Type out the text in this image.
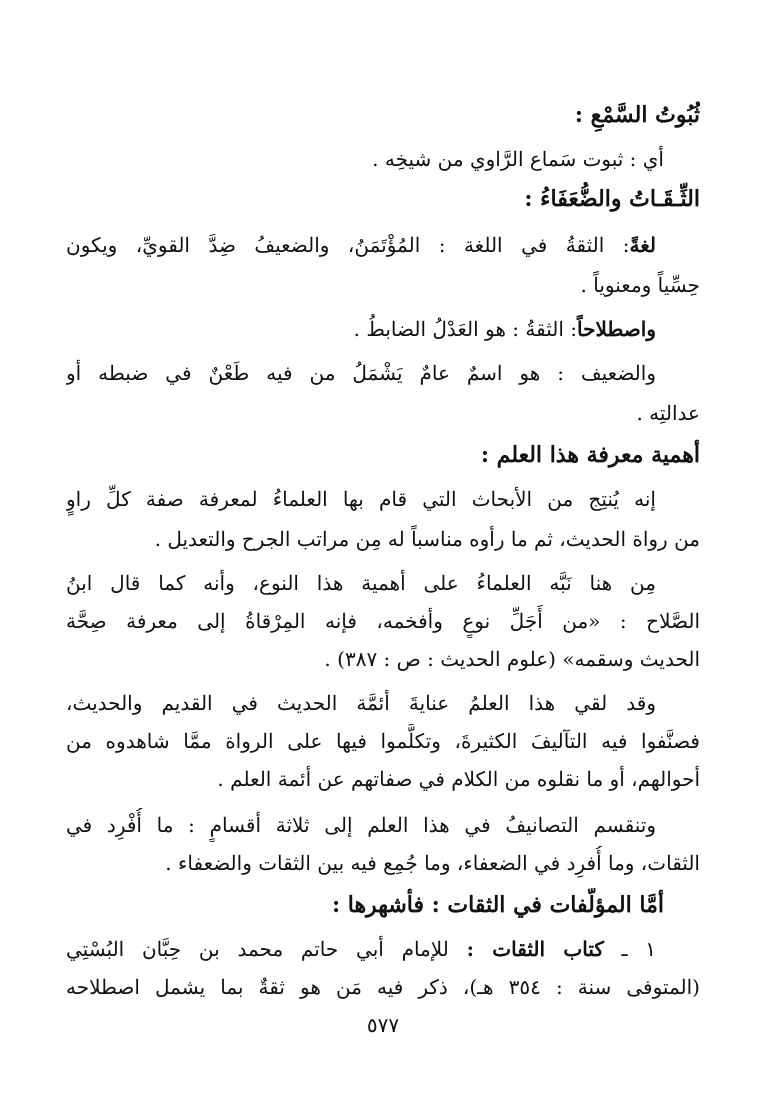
ثُبُوتُ السَّمْعِ :
أي : ثبوت سَماع الرَّاوي من شيخِه .
الثِّـقَـاتُ والضُّعَفَاءُ :
لغةً: الثقةُ في اللغة : المُؤْتَمَنُ، والضعيفُ ضِدَّ القويِّ، ويكون
حِسِّياً ومعنوياً .
واصطلاحاً: الثقةُ : هو العَدْلُ الضابطُ .
والضعيف : هو اسمٌ عامٌ يَشْمَلُ من فيه طَعْنٌ في ضبطه أو
عدالتِه .
أهمية معرفة هذا العلم :
إنه يُنتِج من الأبحاث التي قام بها العلماءُ لمعرفة صفة كلِّ راوٍ
من رواة الحديث، ثم ما رأوه مناسباً له مِن مراتب الجرح والتعديل .
مِن هنا نَبَّه العلماءُ على أهمية هذا النوع، وأنه كما قال ابنُ
الصَّلاح : «من أَجَلِّ نوعٍ وأفخمه، فإنه المِرْقاةُ إلى معرفة صِحَّة
الحديث وسقمه» (علوم الحديث : ص : ٣٨٧) .
وقد لقي هذا العلمُ عنايةَ أئمَّة الحديث في القديم والحديث،
فصنَّفوا فيه التآليفَ الكثيرةَ، وتكلَّموا فيها على الرواة ممَّا شاهدوه من
أحوالهم، أو ما نقلوه من الكلام في صفاتهم عن أئمة العلم .
وتنقسم التصانيفُ في هذا العلم إلى ثلاثة أقسامٍ : ما أُفْرِد في
الثقات، وما أُفرِد في الضعفاء، وما جُمِع فيه بين الثقات والضعفاء .
أمَّا المؤلَّفات في الثقات : فأشهرها :
١ ـ كتاب الثقات : للإمام أبي حاتم محمد بن حِبَّان البُسْتِي
(المتوفى سنة : ٣٥٤ هـ)، ذكر فيه مَن هو ثقةٌ بما يشمل اصطلاحه
٥٧٧
